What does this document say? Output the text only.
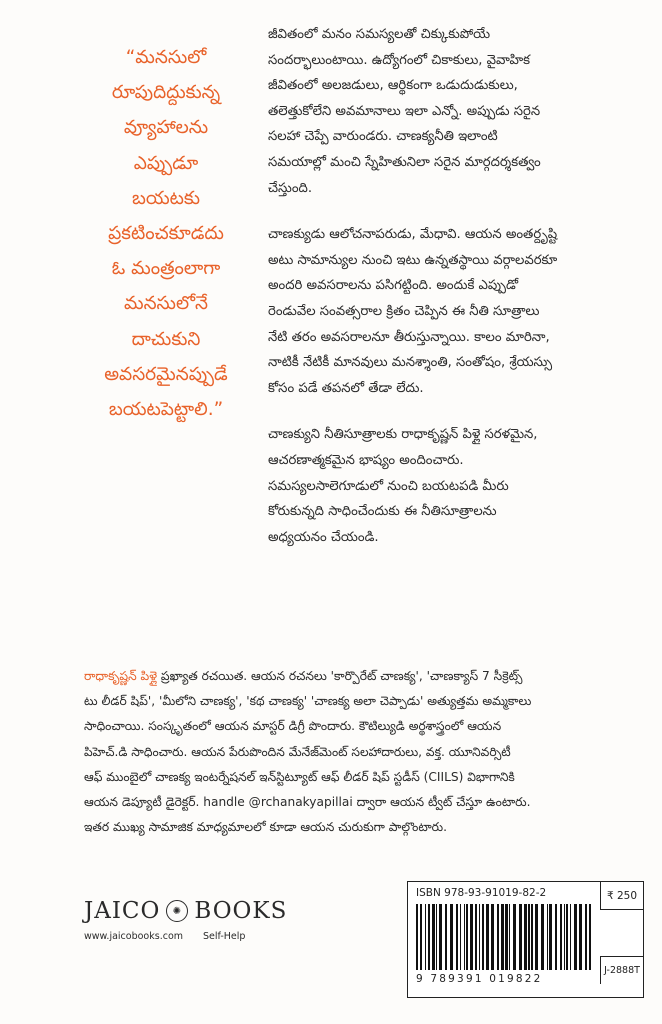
“మనసులో
రూపుదిద్దుకున్న
వ్యూహాలను
ఎప్పుడూ
బయటకు
ప్రకటించకూడదు
ఓ మంత్రంలాగా
మనసులోనే
దాచుకుని
అవసరమైనప్పుడే
బయటపెట్టాలి.”
జీవితంలో మనం సమస్యలతో చిక్కుకుపోయే
సందర్భాలుంటాయి. ఉద్యోగంలో చికాకులు, వైవాహిక
జీవితంలో అలజడులు, ఆర్థికంగా ఒడుదుడుకులు,
తలెత్తుకోలేని అవమానాలు ఇలా ఎన్నో. అప్పుడు సరైన
సలహా చెప్పే వారుండరు. చాణక్యనీతి ఇలాంటి
సమయాల్లో మంచి స్నేహితునిలా సరైన మార్గదర్శకత్వం
చేస్తుంది.
చాణక్యుడు ఆలోచనాపరుడు, మేధావి. ఆయన అంతర్దృష్టి
అటు సామాన్యుల నుంచి ఇటు ఉన్నతస్థాయి వర్గాలవరకూ
అందరి అవసరాలను పసిగట్టింది. అందుకే ఎప్పుడో
రెండువేల సంవత్సరాల క్రితం చెప్పిన ఈ నీతి సూత్రాలు
నేటి తరం అవసరాలనూ తీరుస్తున్నాయి. కాలం మారినా,
నాటికీ నేటికీ మానవులు మనశ్శాంతి, సంతోషం, శ్రేయస్సు
కోసం పడే తపనలో తేడా లేదు.
చాణక్యుని నీతిసూత్రాలకు రాధాకృష్ణన్ పిళ్లై సరళమైన,
ఆచరణాత్మకమైన భాష్యం అందించారు.
సమస్యలసాలెగూడులో నుంచి బయటపడి మీరు
కోరుకున్నది సాధించేందుకు ఈ నీతిసూత్రాలను
అధ్యయనం చేయండి.
రాధాకృష్ణన్ పిళ్లై ప్రఖ్యాత రచయిత. ఆయన రచనలు 'కార్పొరేట్ చాణక్య', 'చాణక్యాస్ 7 సీక్రెట్స్
టు లీడర్ షిప్', 'మీలోని చాణక్య', 'కథ చాణక్య' 'చాణక్య అలా చెప్పాడు' అత్యుత్తమ అమ్మకాలు
సాధించాయి. సంస్కృతంలో ఆయన మాస్టర్ డిగ్రీ పొందారు. కౌటిల్యుడి అర్థశాస్త్రంలో ఆయన
పిహెచ్.డి సాధించారు. ఆయన పేరుపొందిన మేనేజ్‌మెంట్ సలహాదారులు, వక్త. యూనివర్సిటీ
ఆఫ్ ముంబైలో చాణక్య ఇంటర్నేషనల్ ఇన్‌స్టిట్యూట్ ఆఫ్ లీడర్ షిప్ స్టడీస్ (CIILS) విభాగానికి
ఆయన డెప్యూటీ డైరెక్టర్. handle @rchanakyapillai ద్వారా ఆయన ట్వీట్ చేస్తూ ఉంటారు.
ఇతర ముఖ్య సామాజిక మాధ్యమాలలో కూడా ఆయన చురుకుగా పాల్గొంటారు.
JAICO	✺ BOOKS
www.jaicobooks.com Self-Help
ISBN 978-93-91019-82-2	₹ 250
9 789391 019822
J-2888T
